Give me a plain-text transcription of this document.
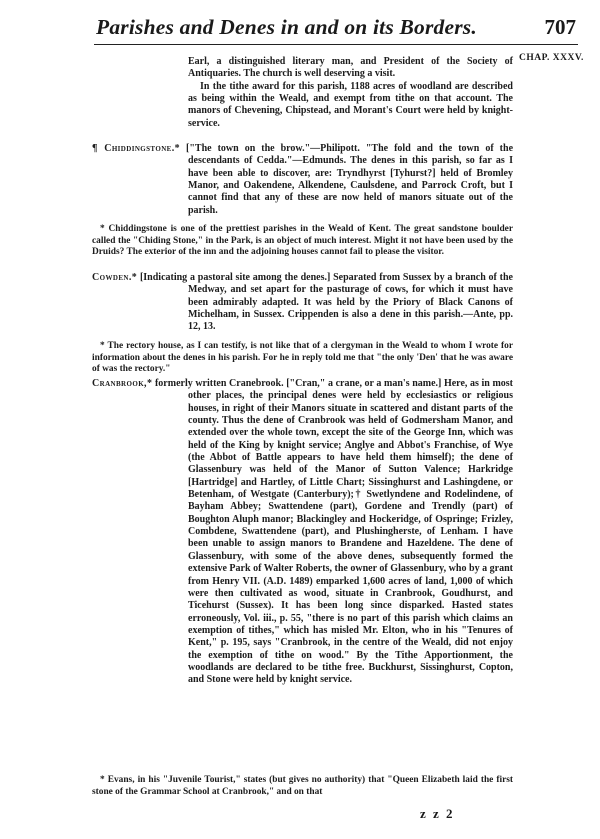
Parishes and Denes in and on its Borders.	707
CHAP. XXXV.

Earl, a distinguished literary man, and President of the Society of Antiquaries. The church is well deserving a visit.

In the tithe award for this parish, 1188 acres of woodland are described as being within the Weald, and exempt from tithe on that account. The manors of Chevening, Chipstead, and Morant's Court were held by knight-service.

¶ Chiddingstone.* ["The town on the brow."—Philipott. "The fold and the town of the descendants of Cedda."—Edmunds. The denes in this parish, so far as I have been able to discover, are: Tryndhyrst [Tyhurst?] held of Bromley Manor, and Oakendene, Alkendene, Caulsdene, and Parrock Croft, but I cannot find that any of these are now held of manors situate out of the parish.
* Chiddingstone is one of the prettiest parishes in the Weald of Kent. The great sandstone boulder called the "Chiding Stone," in the Park, is an object of much interest. Might it not have been used by the Druids? The exterior of the inn and the adjoining houses cannot fail to please the visitor.
Cowden.* [Indicating a pastoral site among the denes.] Separated from Sussex by a branch of the Medway, and set apart for the pasturage of cows, for which it must have been admirably adapted. It was held by the Priory of Black Canons of Michelham, in Sussex. Crippenden is also a dene in this parish.—Ante, pp. 12, 13.
* The rectory house, as I can testify, is not like that of a clergyman in the Weald to whom I wrote for information about the denes in his parish. For he in reply told me that "the only 'Den' that he was aware of was the rectory."
Cranbrook,* formerly written Cranebrook. ["Cran," a crane, or a man's name.] Here, as in most other places, the principal denes were held by ecclesiastics or religious houses, in right of their Manors situate in scattered and distant parts of the county. Thus the dene of Cranbrook was held of Godmersham Manor, and extended over the whole town, except the site of the George Inn, which was held of the King by knight service; Anglye and Abbot's Franchise, of Wye (the Abbot of Battle appears to have held them himself); the dene of Glassenbury was held of the Manor of Sutton Valence; Harkridge [Hartridge] and Hartley, of Little Chart; Sissinghurst and Lashingdene, or Betenham, of Westgate (Canterbury);† Swetlyndene and Rodelindene, of Bayham Abbey; Swattendene (part), Gordene and Trendly (part) of Boughton Aluph manor; Blackingley and Hockeridge, of Ospringe; Frizley, Combdene, Swattendene (part), and Plushingherste, of Lenham. I have been unable to assign manors to Brandene and Hazeldene. The dene of Glassenbury, with some of the above denes, subsequently formed the extensive Park of Walter Roberts, the owner of Glassenbury, who by a grant from Henry VII. (A.D. 1489) emparked 1,600 acres of land, 1,000 of which were then cultivated as wood, situate in Cranbrook, Goudhurst, and Ticehurst (Sussex). It has been long since disparked. Hasted states erroneously, Vol. iii., p. 55, "there is no part of this parish which claims an exemption of tithes," which has misled Mr. Elton, who in his "Tenures of Kent," p. 195, says "Cranbrook, in the centre of the Weald, did not enjoy the exemption of tithe on wood." By the Tithe Apportionment, the woodlands are declared to be tithe free. Buckhurst, Sissinghurst, Copton, and Stone were held by knight service.
* Evans, in his "Juvenile Tourist," states (but gives no authority) that "Queen Elizabeth laid the first stone of the Grammar School at Cranbrook," and on that
z z 2
